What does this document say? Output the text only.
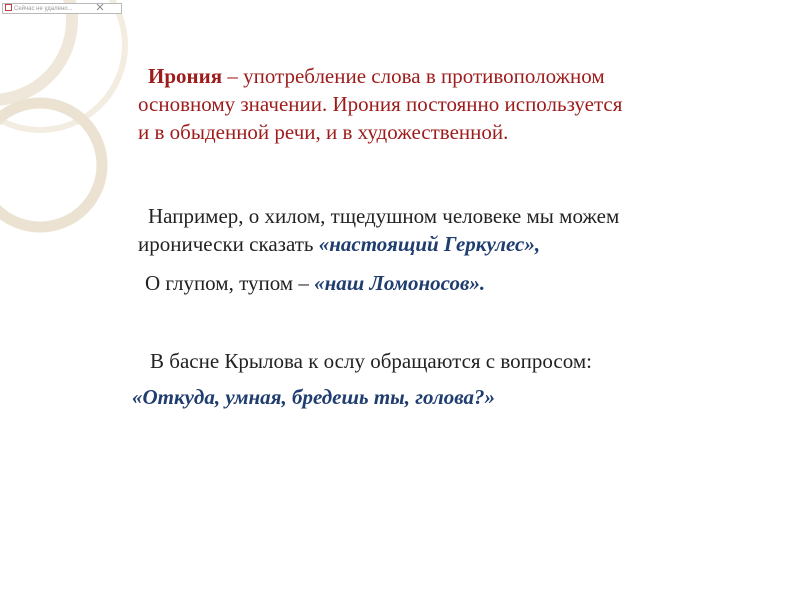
Сейчас не удалено...
Ирония – употребление слова в противоположном
основному значении. Ирония постоянно используется
и в обыденной речи, и в художественной.
Например, о хилом, тщедушном человеке мы можем
иронически сказать «настоящий Геркулес»,
О глупом, тупом – «наш Ломоносов».
В басне Крылова к ослу обращаются с вопросом:
«Откуда, умная, бредешь ты, голова?»
